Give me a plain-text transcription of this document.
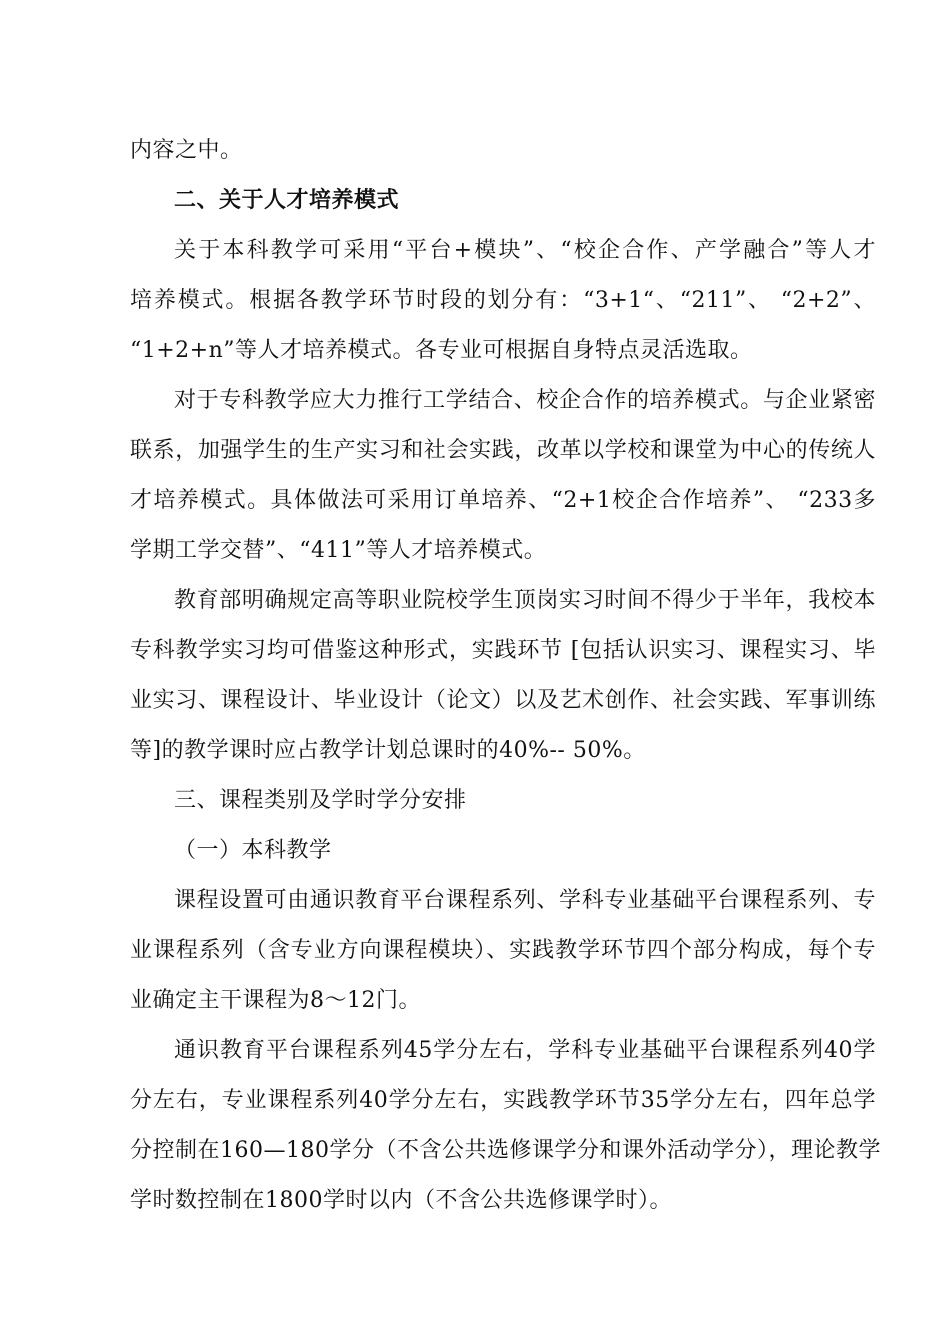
内容之中。
二、关于人才培养模式
关于本科教学可采用“平台+模块”、“校企合作、产学融合”等人才
培养模式。根据各教学环节时段的划分有：“3+1“、“211”、 “2+2”、
“1+2+n”等人才培养模式。各专业可根据自身特点灵活选取。
对于专科教学应大力推行工学结合、校企合作的培养模式。与企业紧密
联系，加强学生的生产实习和社会实践，改革以学校和课堂为中心的传统人
才培养模式。具体做法可采用订单培养、“2+1校企合作培养”、 “233多
学期工学交替”、“411”等人才培养模式。
教育部明确规定高等职业院校学生顶岗实习时间不得少于半年，我校本
专科教学实习均可借鉴这种形式，实践环节 [包括认识实习、课程实习、毕
业实习、课程设计、毕业设计（论文）以及艺术创作、社会实践、军事训练
等]的教学课时应占教学计划总课时的40%-- 50%。
三、课程类别及学时学分安排
（一）本科教学
课程设置可由通识教育平台课程系列、学科专业基础平台课程系列、专
业课程系列（含专业方向课程模块）、实践教学环节四个部分构成，每个专
业确定主干课程为8～12门。
通识教育平台课程系列45学分左右，学科专业基础平台课程系列40学
分左右，专业课程系列40学分左右，实践教学环节35学分左右，四年总学
分控制在160—180学分（不含公共选修课学分和课外活动学分），理论教学
学时数控制在1800学时以内（不含公共选修课学时）。
